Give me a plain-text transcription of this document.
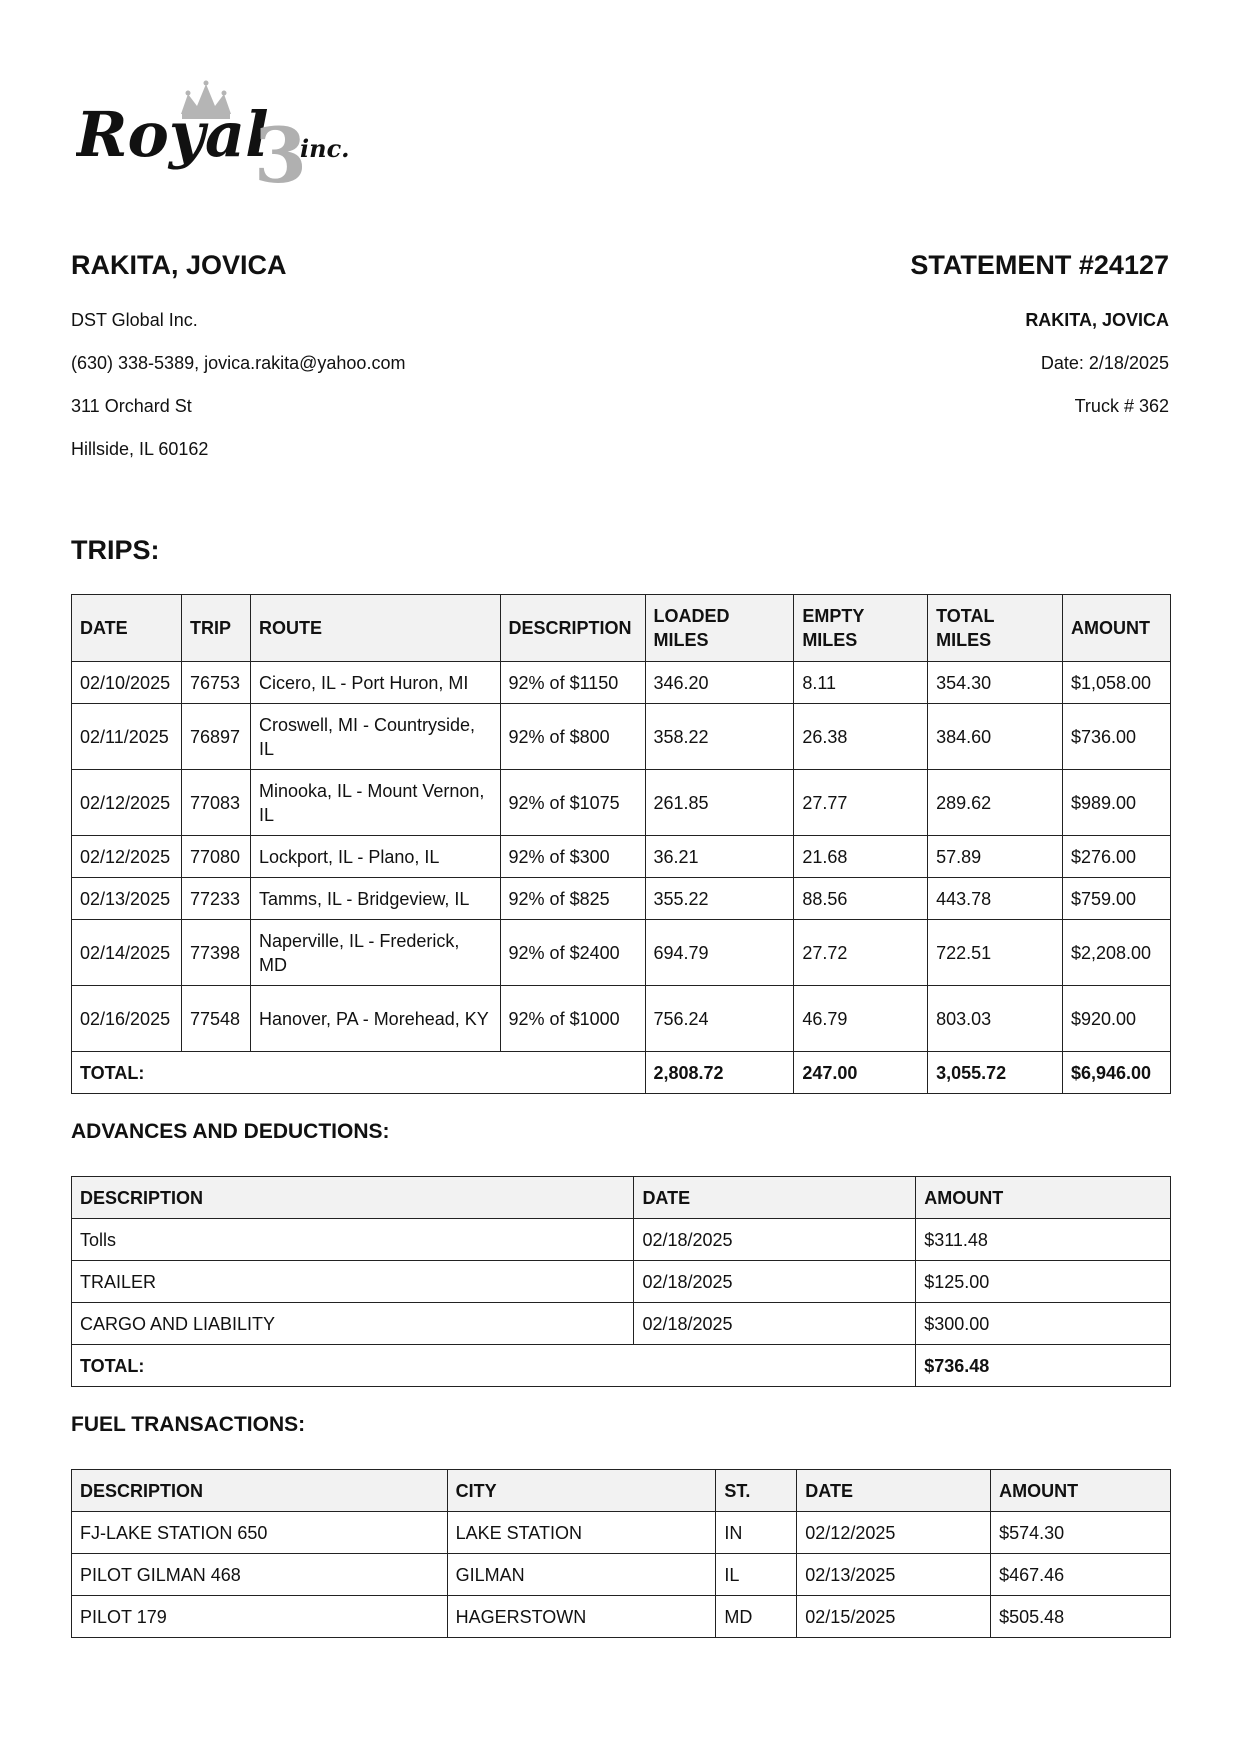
Royal
3
inc.
RAKITA, JOVICA
DST Global Inc.
(630) 338-5389, jovica.rakita@yahoo.com
311 Orchard St
Hillside, IL 60162
STATEMENT #24127
RAKITA, JOVICA
Date: 2/18/2025
Truck # 362
TRIPS:
DATE	TRIP	ROUTE	DESCRIPTION	LOADED MILES	EMPTY MILES	TOTAL MILES	AMOUNT
02/10/2025	76753	Cicero, IL - Port Huron, MI	92% of $1150	346.20	8.11	354.30	$1,058.00
02/11/2025	76897	Croswell, MI - Countryside, IL	92% of $800	358.22	26.38	384.60	$736.00
02/12/2025	77083	Minooka, IL - Mount Vernon, IL	92% of $1075	261.85	27.77	289.62	$989.00
02/12/2025	77080	Lockport, IL - Plano, IL	92% of $300	36.21	21.68	57.89	$276.00
02/13/2025	77233	Tamms, IL - Bridgeview, IL	92% of $825	355.22	88.56	443.78	$759.00
02/14/2025	77398	Naperville, IL - Frederick, MD	92% of $2400	694.79	27.72	722.51	$2,208.00
02/16/2025	77548	Hanover, PA - Morehead, KY	92% of $1000	756.24	46.79	803.03	$920.00
TOTAL:				2,808.72	247.00	3,055.72	$6,946.00
ADVANCES AND DEDUCTIONS:
DESCRIPTION	DATE	AMOUNT
Tolls	02/18/2025	$311.48
TRAILER	02/18/2025	$125.00
CARGO AND LIABILITY	02/18/2025	$300.00
TOTAL:		$736.48
FUEL TRANSACTIONS:
DESCRIPTION	CITY	ST.	DATE	AMOUNT
FJ-LAKE STATION 650	LAKE STATION	IN	02/12/2025	$574.30
PILOT GILMAN 468	GILMAN	IL	02/13/2025	$467.46
PILOT 179	HAGERSTOWN	MD	02/15/2025	$505.48
